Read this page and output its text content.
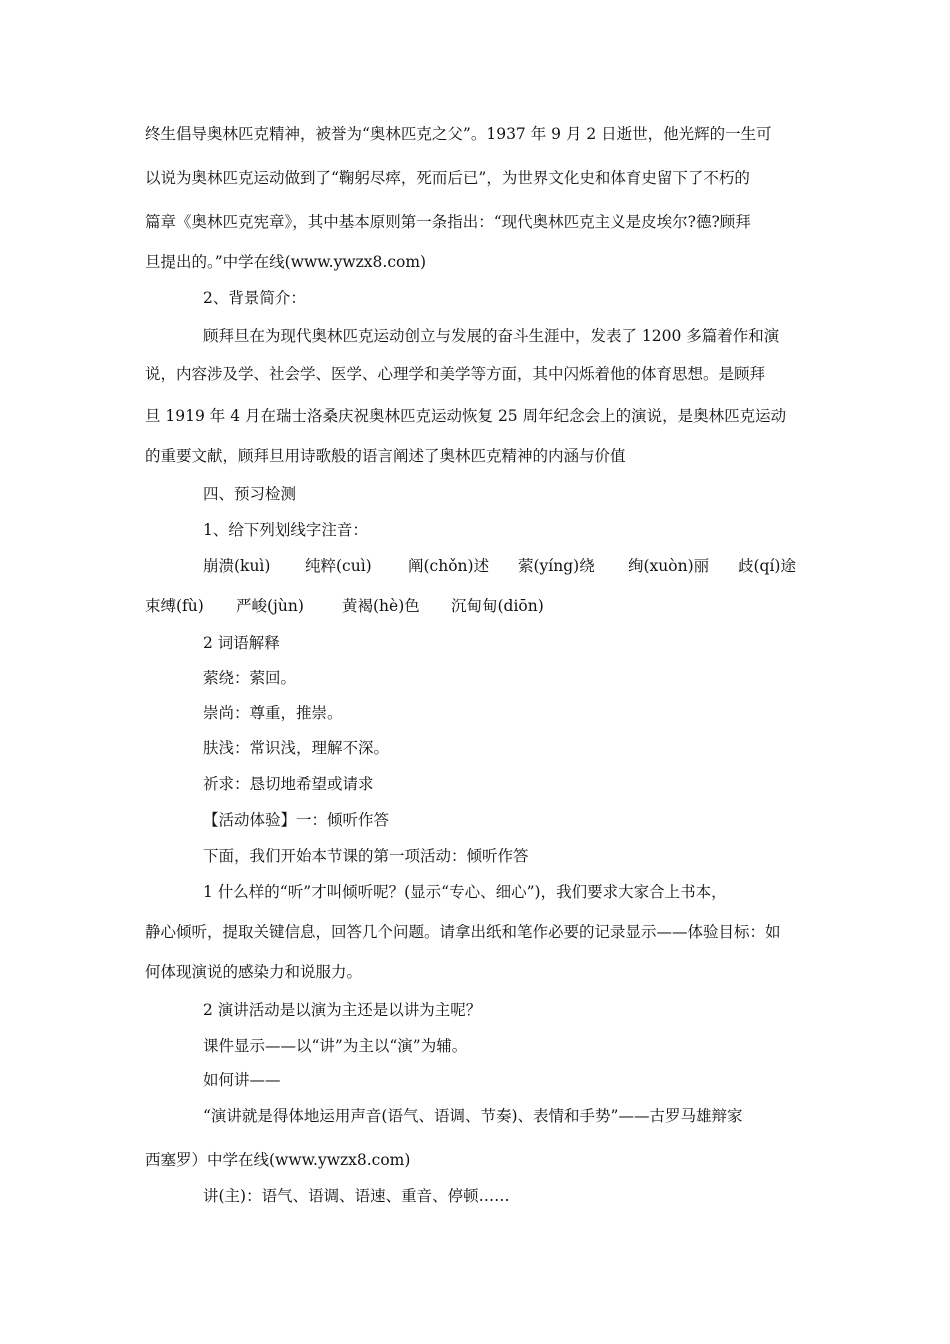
终生倡导奥林匹克精神，被誉为“奥林匹克之父”。1937 年 9 月 2 日逝世，他光辉的一生可
以说为奥林匹克运动做到了“鞠躬尽瘁，死而后已”，为世界文化史和体育史留下了不朽的
篇章《奥林匹克宪章》，其中基本原则第一条指出：“现代奥林匹克主义是皮埃尔?德?顾拜
旦提出的。”中学在线(www.ywzx8.com)
2、背景简介：
顾拜旦在为现代奥林匹克运动创立与发展的奋斗生涯中，发表了 1200 多篇着作和演
说，内容涉及学、社会学、医学、心理学和美学等方面，其中闪烁着他的体育思想。是顾拜
旦 1919 年 4 月在瑞士洛桑庆祝奥林匹克运动恢复 25 周年纪念会上的演说，是奥林匹克运动
的重要文献，顾拜旦用诗歌般的语言阐述了奥林匹克精神的内涵与价值
四、预习检测
1、给下列划线字注音：
崩溃(kuì) 纯粹(cuì) 阐(chǒn)述 萦(yíng)绕 绚(xuòn)丽 歧(qí)途
束缚(fù) 严峻(jùn) 黄褐(hè)色 沉甸甸(diōn)
2 词语解释
萦绕：萦回。
崇尚：尊重，推崇。
肤浅：常识浅，理解不深。
祈求：恳切地希望或请求
【活动体验】一：倾听作答
下面，我们开始本节课的第一项活动：倾听作答
1 什么样的“听”才叫倾听呢？(显示“专心、细心”)，我们要求大家合上书本，
静心倾听，提取关键信息，回答几个问题。请拿出纸和笔作必要的记录显示——体验目标：如
何体现演说的感染力和说服力。
2 演讲活动是以演为主还是以讲为主呢？
课件显示——以“讲”为主以“演”为辅。
如何讲——
“演讲就是得体地运用声音(语气、语调、节奏)、表情和手势”——古罗马雄辩家
西塞罗）中学在线(www.ywzx8.com)
讲(主)：语气、语调、语速、重音、停顿……
